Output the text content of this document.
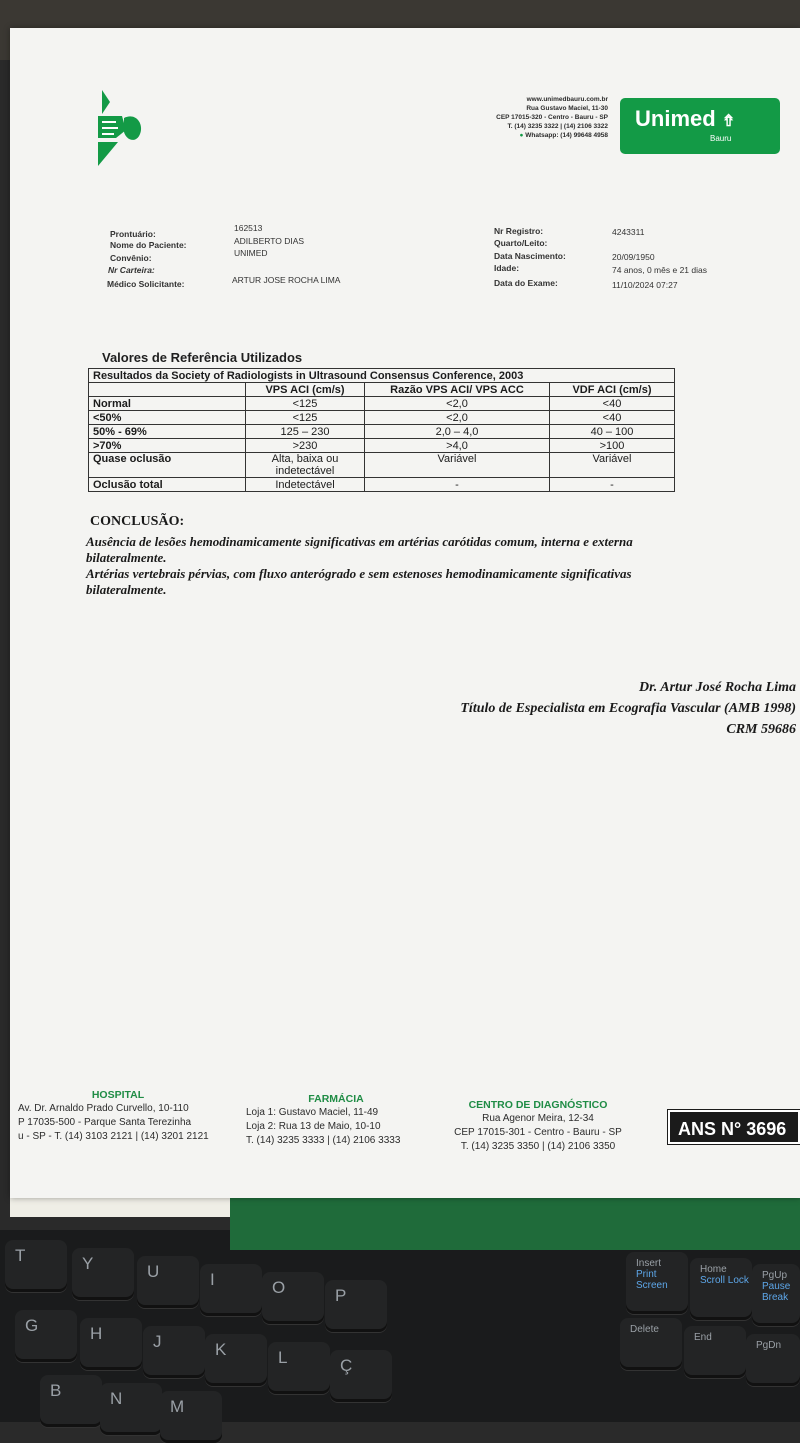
T	Y	U	I	O	P
G	H	J	K	L	Ç
B	N	M
Insert
Print Screen
Home
Scroll Lock	PgUp
Pause Break
Delete
End
PgDn
www.unimedbauru.com.br
Rua Gustavo Maciel, 11-30
CEP 17015-320 - Centro - Bauru - SP
T. (14) 3235 3322 | (14) 2106 3322
● Whatsapp: (14) 99648 4958
Unimed ⇮
Bauru
Prontuário:
162513
Nome do Paciente:	ADILBERTO DIAS
Convênio:	UNIMED
Nr Carteira:
Médico Solicitante:	ARTUR JOSE ROCHA LIMA
Nr Registro:	4243311
Quarto/Leito:
Data Nascimento:	20/09/1950
Idade:	74 anos, 0 mês e 21 dias
Data do Exame:	11/10/2024 07:27
Valores de Referência Utilizados
Resultados da Society of Radiologists in Ultrasound Consensus Conference, 2003			
	VPS ACI (cm/s)	Razão VPS ACI/ VPS ACC	VDF ACI (cm/s)
Normal	<125	<2,0	<40
<50%	<125	<2,0	<40
50% - 69%	125 – 230	2,0 – 4,0	40 – 100
>70%	>230	>4,0	>100
Quase oclusão	Alta, baixa ou indetectável	Variável	Variável
Oclusão total	Indetectável	-	-

CONCLUSÃO:

Ausência de lesões hemodinamicamente significativas em artérias carótidas comum, interna e externa

bilateralmente.

Artérias vertebrais pérvias, com fluxo anterógrado e sem estenoses hemodinamicamente significativas

bilateralmente.

Dr. Artur José Rocha Lima
Título de Especialista em Ecografia Vascular (AMB 1998)
CRM 59686
HOSPITAL
Av. Dr. Arnaldo Prado Curvello, 10-110
P 17035-500 - Parque Santa Terezinha
u - SP - T. (14) 3103 2121 | (14) 3201 2121
FARMÁCIA
Loja 1: Gustavo Maciel, 11-49
Loja 2: Rua 13 de Maio, 10-10
T. (14) 3235 3333 | (14) 2106 3333
CENTRO DE DIAGNÓSTICO
Rua Agenor Meira, 12-34
CEP 17015-301 - Centro - Bauru - SP
T. (14) 3235 3350 | (14) 2106 3350
ANS N° 3696
